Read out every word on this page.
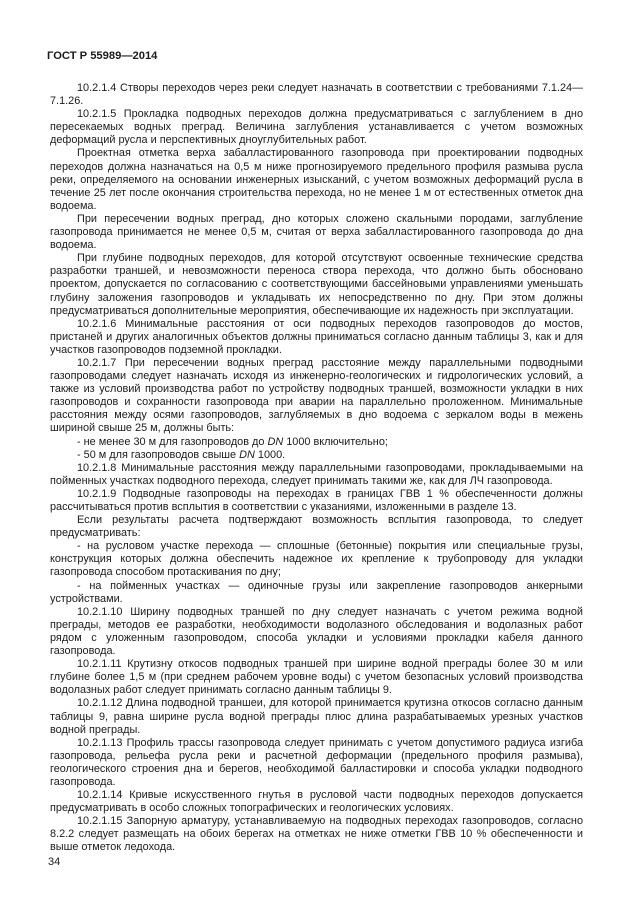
ГОСТ Р 55989—2014

10.2.1.4 Створы переходов через реки следует назначать в соответствии с требованиями 7.1.24—7.1.26.

10.2.1.5 Прокладка подводных переходов должна предусматриваться с заглублением в дно пересекаемых водных преград. Величина заглубления устанавливается с учетом возможных деформаций русла и перспективных дноуглубительных работ.

Проектная отметка верха забалластированного газопровода при проектировании подводных переходов должна назначаться на 0,5 м ниже прогнозируемого предельного профиля размыва русла реки, определяемого на основании инженерных изысканий, с учетом возможных деформаций русла в течение 25 лет после окончания строительства перехода, но не менее 1 м от естественных отметок дна водоема.

При пересечении водных преград, дно которых сложено скальными породами, заглубление газопровода принимается не менее 0,5 м, считая от верха забалластированного газопровода до дна водоема.

При глубине подводных переходов, для которой отсутствуют освоенные технические средства разработки траншей, и невозможности переноса створа перехода, что должно быть обосновано проектом, допускается по согласованию с соответствующими бассейновыми управлениями уменьшать глубину заложения газопроводов и укладывать их непосредственно по дну. При этом должны предусматриваться дополнительные мероприятия, обеспечивающие их надежность при эксплуатации.

10.2.1.6 Минимальные расстояния от оси подводных переходов газопроводов до мостов, пристаней и других аналогичных объектов должны приниматься согласно данным таблицы 3, как и для участков газопроводов подземной прокладки.

10.2.1.7 При пересечении водных преград расстояние между параллельными подводными газопроводами следует назначать исходя из инженерно-геологических и гидрологических условий, а также из условий производства работ по устройству подводных траншей, возможности укладки в них газопроводов и сохранности газопровода при аварии на параллельно проложенном. Минимальные расстояния между осями газопроводов, заглубляемых в дно водоема с зеркалом воды в межень шириной свыше 25 м, должны быть:

- не менее 30 м для газопроводов до DN 1000 включительно;

- 50 м для газопроводов свыше DN 1000.

10.2.1.8 Минимальные расстояния между параллельными газопроводами, прокладываемыми на пойменных участках подводного перехода, следует принимать такими же, как для ЛЧ газопровода.

10.2.1.9 Подводные газопроводы на переходах в границах ГВВ 1 % обеспеченности должны рассчитываться против всплытия в соответствии с указаниями, изложенными в разделе 13.

Если результаты расчета подтверждают возможность всплытия газопровода, то следует предусматривать:

- на русловом участке перехода — сплошные (бетонные) покрытия или специальные грузы, конструкция которых должна обеспечить надежное их крепление к трубопроводу для укладки газопровода способом протаскивания по дну;

- на пойменных участках — одиночные грузы или закрепление газопроводов анкерными устройствами.

10.2.1.10 Ширину подводных траншей по дну следует назначать с учетом режима водной преграды, методов ее разработки, необходимости водолазного обследования и водолазных работ рядом с уложенным газопроводом, способа укладки и условиями прокладки кабеля данного газопровода.

10.2.1.11 Крутизну откосов подводных траншей при ширине водной преграды более 30 м или глубине более 1,5 м (при среднем рабочем уровне воды) с учетом безопасных условий производства водолазных работ следует принимать согласно данным таблицы 9.

10.2.1.12 Длина подводной траншеи, для которой принимается крутизна откосов согласно данным таблицы 9, равна ширине русла водной преграды плюс длина разрабатываемых урезных участков водной преграды.

10.2.1.13 Профиль трассы газопровода следует принимать с учетом допустимого радиуса изгиба газопровода, рельефа русла реки и расчетной деформации (предельного профиля размыва), геологического строения дна и берегов, необходимой балластировки и способа укладки подводного газопровода.

10.2.1.14 Кривые искусственного гнутья в русловой части подводных переходов допускается предусматривать в особо сложных топографических и геологических условиях.

10.2.1.15 Запорную арматуру, устанавливаемую на подводных переходах газопроводов, согласно 8.2.2 следует размещать на обоих берегах на отметках не ниже отметки ГВВ 10 % обеспеченности и выше отметок ледохода.

34
